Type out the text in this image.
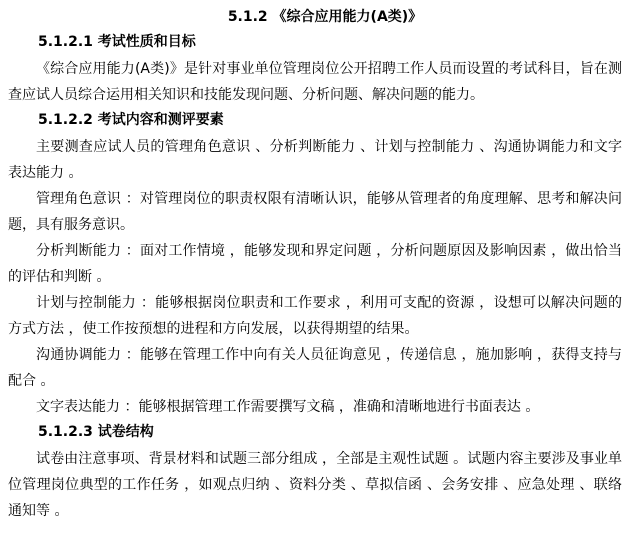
5.1.2 《综合应用能力(A类)》
5.1.2.1 考试性质和目标

《综合应用能力(A类)》是针对事业单位管理岗位公开招聘工作人员而设置的考试科目，旨在测查应试人员综合运用相关知识和技能发现问题、分析问题、解决问题的能力。

5.1.2.2 考试内容和测评要素

主要测查应试人员的管理角色意识 、分析判断能力 、计划与控制能力 、沟通协调能力和文字表达能力 。

管理角色意识 ：对管理岗位的职责权限有清晰认识，能够从管理者的角度理解、思考和解决问题，具有服务意识。

分析判断能力 ：面对工作情境 ，能够发现和界定问题 ，分析问题原因及影响因素 ，做出恰当的评估和判断 。

计划与控制能力 ：能够根据岗位职责和工作要求 ，利用可支配的资源 ，设想可以解决问题的方式方法 ，使工作按预想的进程和方向发展，以获得期望的结果。

沟通协调能力 ：能够在管理工作中向有关人员征询意见 ，传递信息 ，施加影响 ，获得支持与配合 。

文字表达能力 ：能够根据管理工作需要撰写文稿 ，准确和清晰地进行书面表达 。

5.1.2.3 试卷结构

试卷由注意事项、背景材料和试题三部分组成 ，全部是主观性试题 。试题内容主要涉及事业单位管理岗位典型的工作任务 ，如观点归纳 、资料分类 、草拟信函 、会务安排 、应急处理 、联络通知等 。
